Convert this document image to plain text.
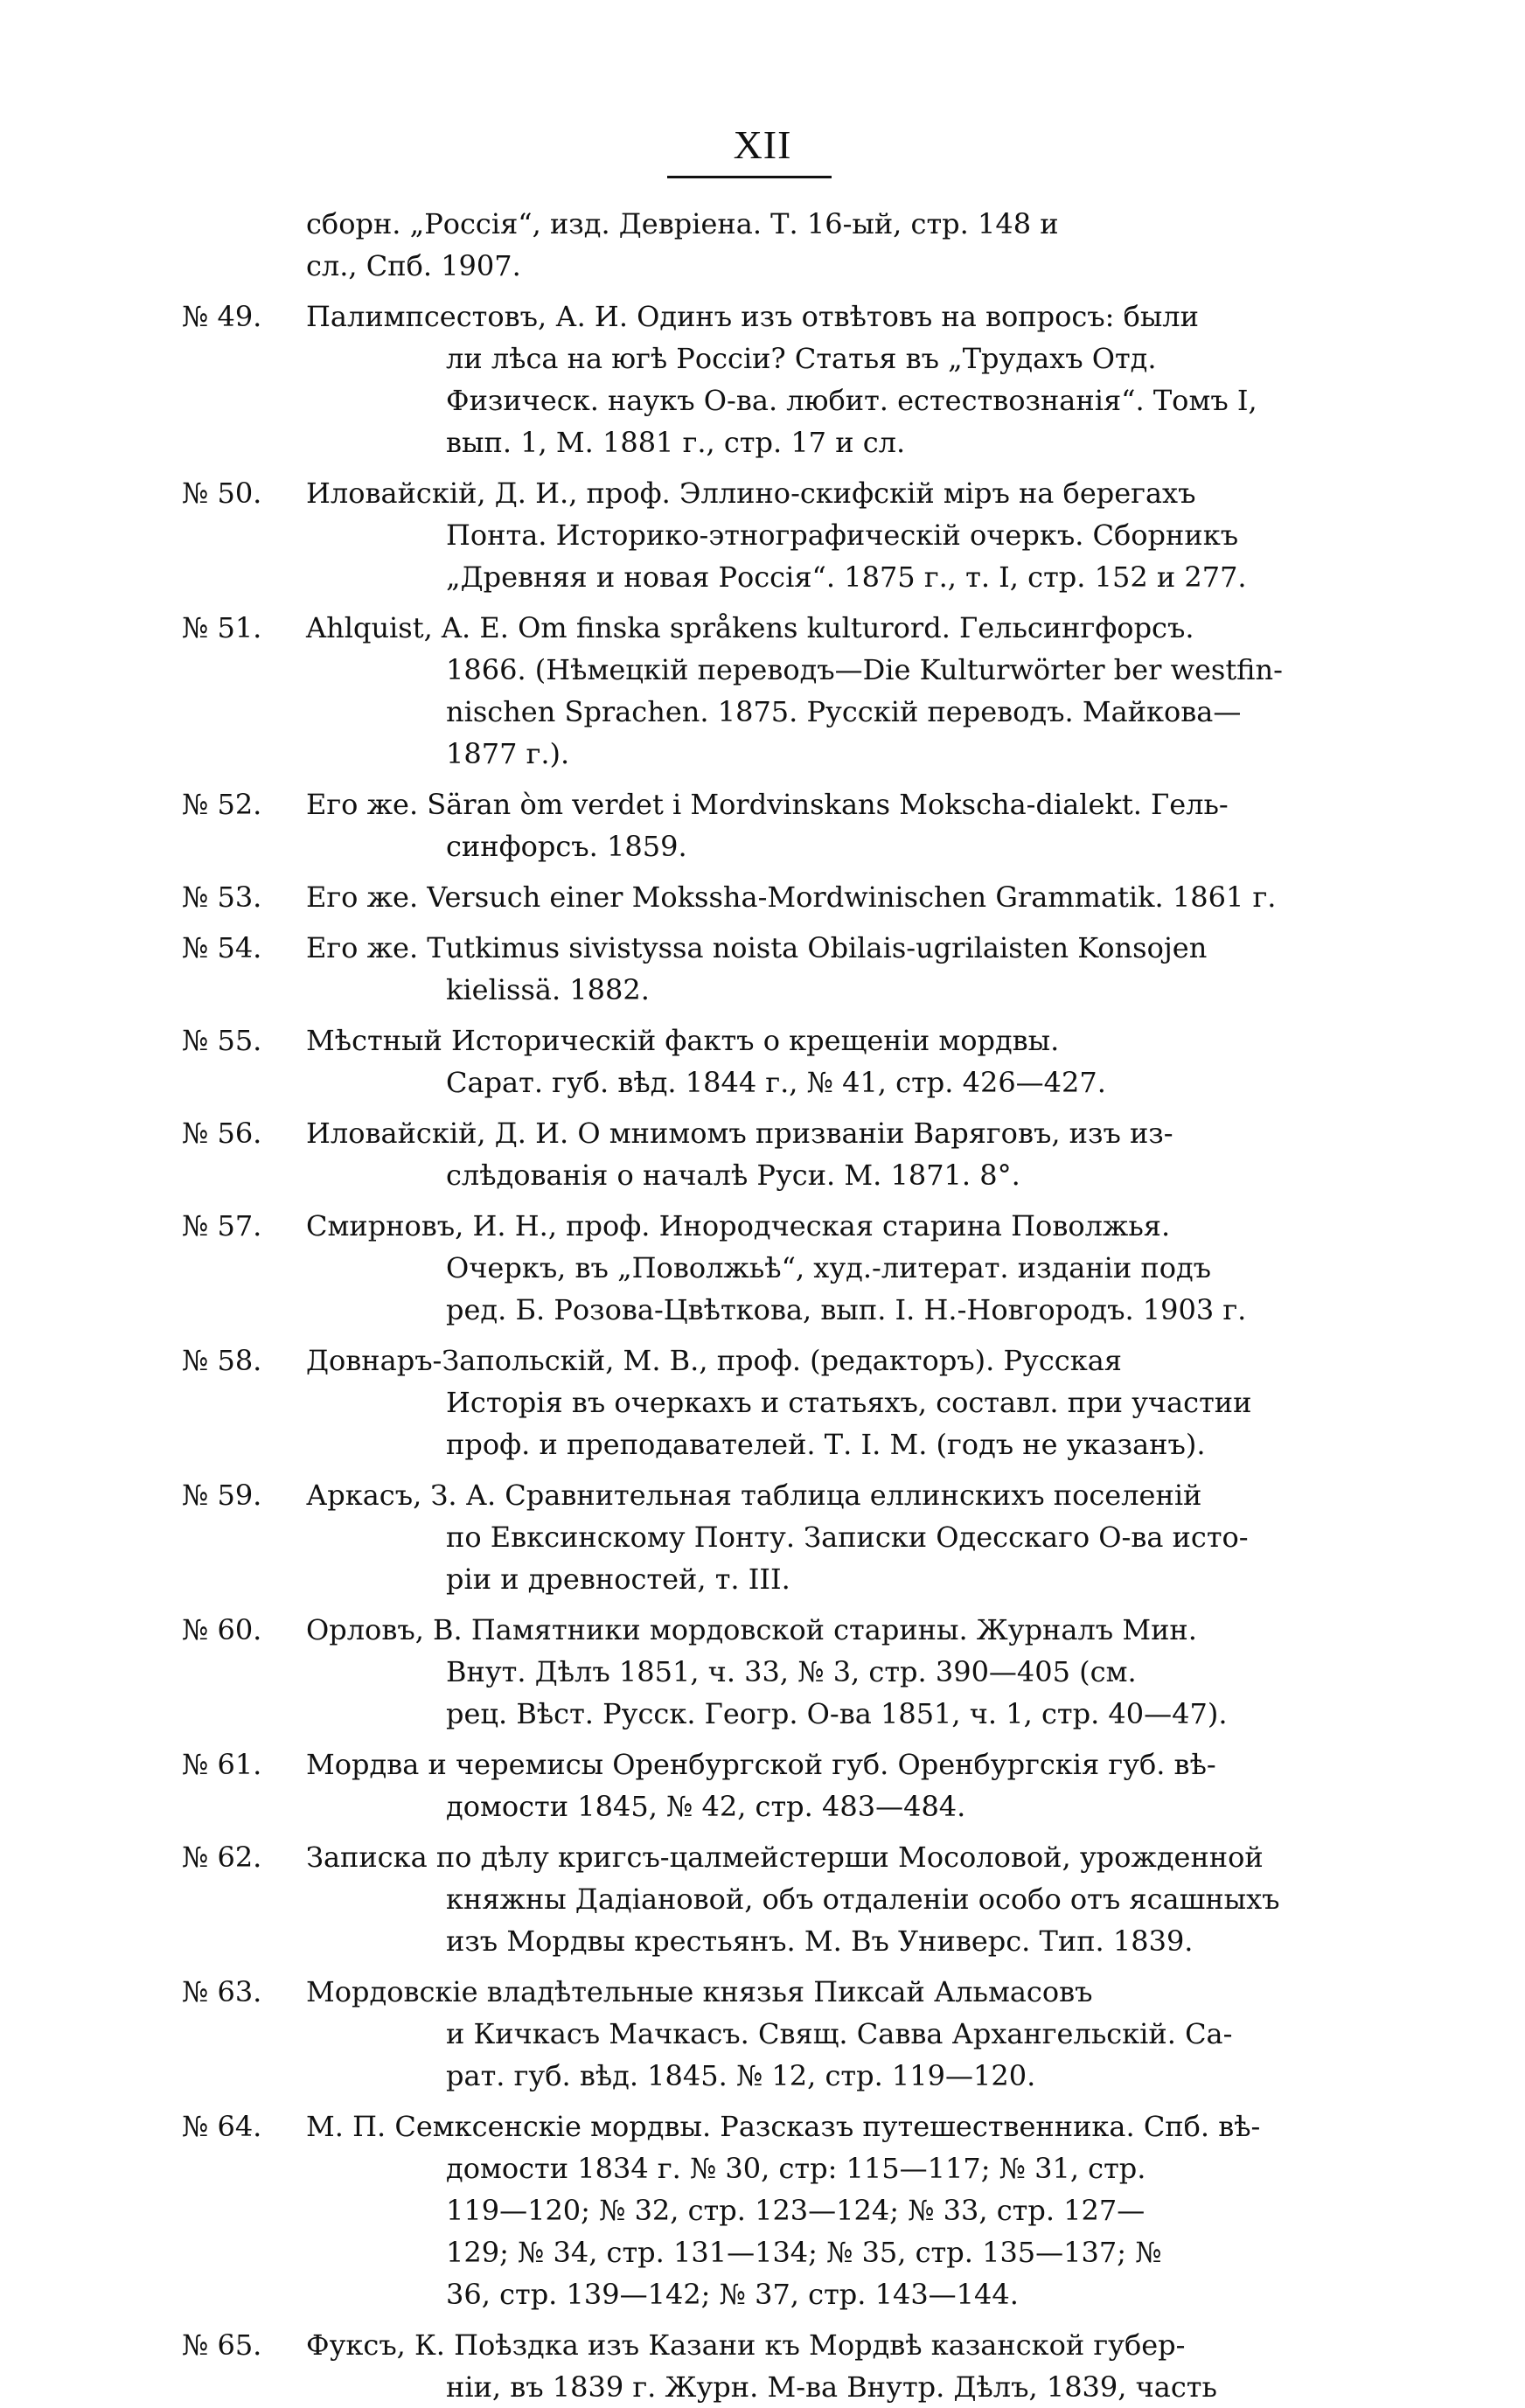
XII
сборн. „Россія“, изд. Девріена. Т. 16-ый, стр. 148 и
сл., Спб. 1907.
№ 49.	Палимпсестовъ, А. И. Одинъ изъ отвѣтовъ на вопросъ: были
ли лѣса на югѣ Россіи? Статья въ „Трудахъ Отд.
Физическ. наукъ О-ва. любит. естествознанія“. Томъ I,
вып. 1, М. 1881 г., стр. 17 и сл.
№ 50.	Иловайскій, Д. И., проф. Эллино-скифскій міръ на берегахъ
Понта. Историко-этнографическій очеркъ. Сборникъ
„Древняя и новая Россія“. 1875 г., т. I, стр. 152 и 277.
№ 51.	Ahlquist, A. E. Om finska språkens kulturord. Гельсингфорсъ.
1866. (Нѣмецкій переводъ—Die Kulturwörter ber westfin-
nischen Sprachen. 1875. Русскій переводъ. Майкова—
1877 г.).
№ 52.	Его же. Säran òm verdet i Mordvinskans Mokscha-dialekt. Гель-
синфорсъ. 1859.
№ 53.	Его же. Versuch einer Mokssha-Mordwinischen Grammatik. 1861 г.
№ 54.	Его же. Tutkimus sivistyssa noista Obilais-ugrilaisten Konsojen
kielissä. 1882.
№ 55.	Мѣстный Историческій фактъ о крещеніи мордвы.
Сарат. губ. вѣд. 1844 г., № 41, стр. 426—427.
№ 56.	Иловайскій, Д. И. О мнимомъ призваніи Варяговъ, изъ из-
слѣдованія о началѣ Руси. М. 1871. 8°.
№ 57.	Смирновъ, И. Н., проф. Инородческая старина Поволжья.
Очеркъ, въ „Поволжьѣ“, худ.-литерат. изданіи подъ
ред. Б. Розова-Цвѣткова, вып. I. Н.-Новгородъ. 1903 г.
№ 58.	Довнаръ-Запольскій, М. В., проф. (редакторъ). Русская
Исторія въ очеркахъ и статьяхъ, составл. при участии
проф. и преподавателей. Т. I. М. (годъ не указанъ).
№ 59.	Аркасъ, З. А. Сравнительная таблица еллинскихъ поселеній
по Евксинскому Понту. Записки Одесскаго О-ва исто-
ріи и древностей, т. III.
№ 60.	Орловъ, В. Памятники мордовской старины. Журналъ Мин.
Внут. Дѣлъ 1851, ч. 33, № 3, стр. 390—405 (см.
рец. Вѣст. Русск. Геогр. О-ва 1851, ч. 1, стр. 40—47).
№ 61.	Мордва и черемисы Оренбургской губ. Оренбургскія губ. вѣ-
домости 1845, № 42, стр. 483—484.
№ 62.	Записка по дѣлу кригсъ-цалмейстерши Мосоловой, урожденной
княжны Дадіановой, объ отдаленіи особо отъ ясашныхъ
изъ Мордвы крестьянъ. М. Въ Универс. Тип. 1839.
№ 63.	Мордовскіе владѣтельные князья Пиксай Альмасовъ
и Кичкасъ Мачкасъ. Свящ. Савва Архангельскій. Са-
рат. губ. вѣд. 1845. № 12, стр. 119—120.
№ 64.	М. П. Семксенскіе мордвы. Разсказъ путешественника. Спб. вѣ-
домости 1834 г. № 30, стр: 115—117; № 31, стр.
119—120; № 32, стр. 123—124; № 33, стр. 127—
129; № 34, стр. 131—134; № 35, стр. 135—137; №
36, стр. 139—142; № 37, стр. 143—144.
№ 65.	Фуксъ, К. Поѣздка изъ Казани къ Мордвѣ казанской губер-
ніи, въ 1839 г. Журн. М-ва Внутр. Дѣлъ, 1839, часть
